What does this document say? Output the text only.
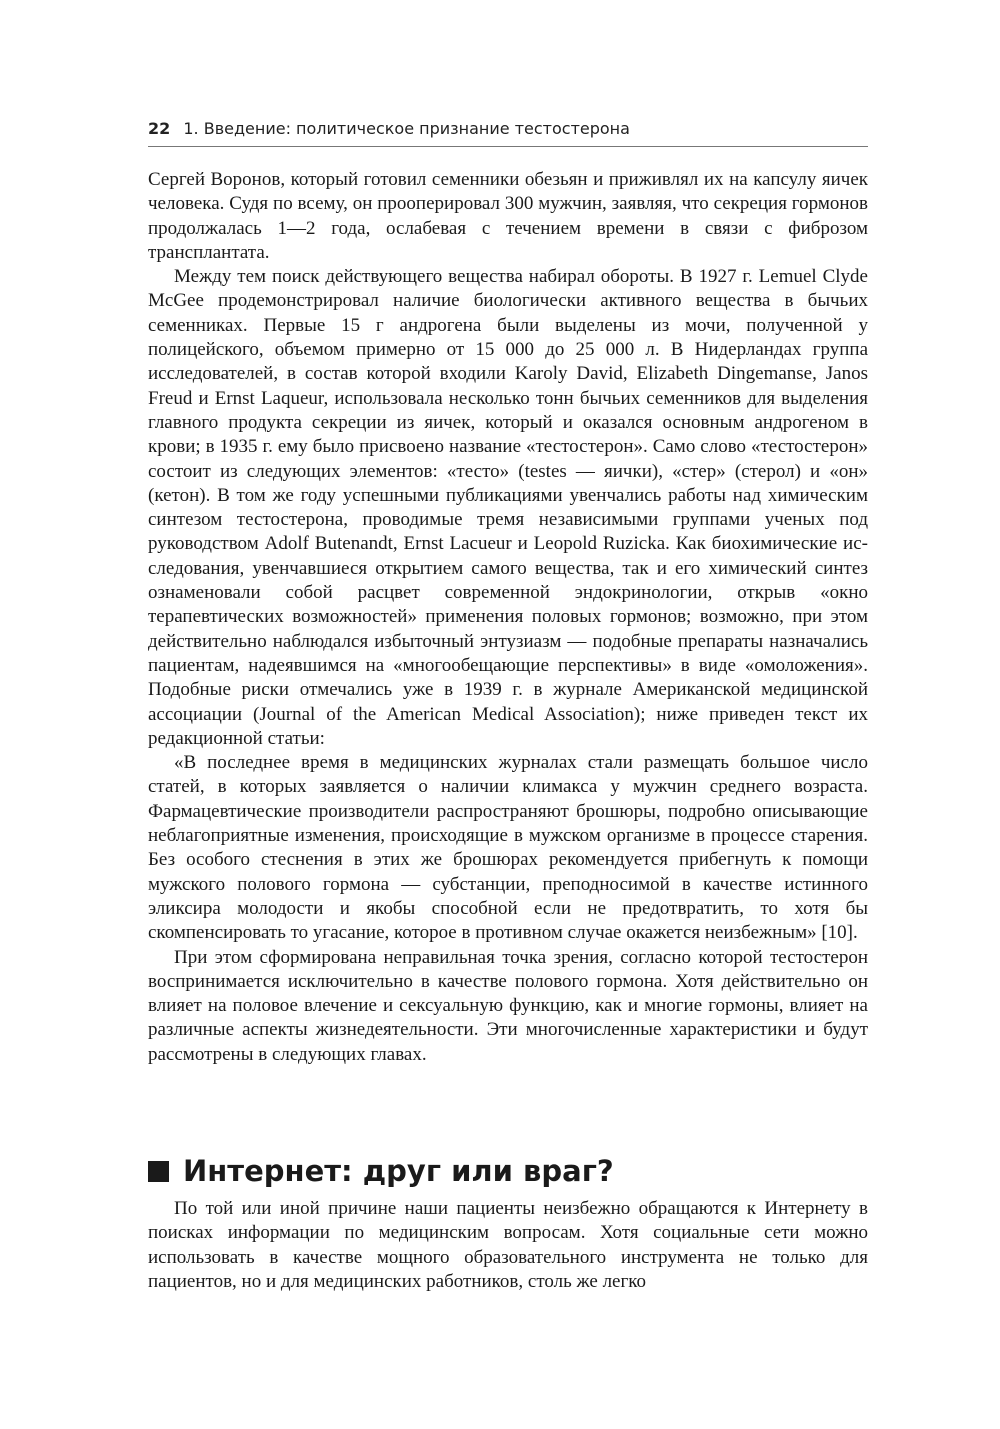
22 1. Введение: политическое признание тестостерона

Сергей Воронов, который готовил семенники обезьян и приживлял их на капсулу яичек человека. Судя по всему, он прооперировал 300 мужчин, заявляя, что секреция гормонов продолжалась 1—2 года, ослабевая с течением времени в связи с фиброзом трансплантата.

Между тем поиск действующего вещества набирал обороты. В 1927 г. Lemuel Clyde McGee продемонстрировал наличие биологически активного вещества в бычьих семенниках. Первые 15 г андрогена были выделены из мочи, полученной у полицейского, объемом примерно от 15 000 до 25 000 л. В Нидерландах группа исследователей, в состав которой входили Karoly David, Elizabeth Dingemanse, Janos Freud и Ernst Laqueur, использовала несколько тонн бычьих семенников для выделения главного продукта секреции из яичек, который и оказался основным андрогеном в крови; в 1935 г. ему было присвоено название «тестостерон». Само слово «тестостерон» состоит из следующих элементов: «тесто» (testes — яички), «стер» (стерол) и «он» (кетон). В том же году успешными публикациями увенчались работы над химическим синтезом тестостерона, проводимые тремя независимыми группами ученых под руководством Adolf Butenandt, Ernst Lacueur и Leopold Ruzicka. Как биохимические исследования, увенчавшиеся открытием самого вещества, так и его химический синтез ознаменовали собой расцвет современной эндокринологии, открыв «окно терапевтических возможностей» применения половых гормонов; возможно, при этом действительно наблюдался избыточный энтузиазм — подобные препараты назначались пациентам, надеявшимся на «многообещающие перспективы» в виде «омоложения». Подобные риски отмечались уже в 1939 г. в журнале Американской медицинской ассоциации (Journal of the American Medical Association); ниже приведен текст их редакционной статьи:

«В последнее время в медицинских журналах стали размещать большое число статей, в которых заявляется о наличии климакса у мужчин среднего возраста. Фармацевтические производители распространяют брошюры, подробно описывающие неблагоприятные изменения, происходящие в мужском организме в процессе старения. Без особого стеснения в этих же брошюрах рекомендуется прибегнуть к помощи мужского полового гормона — субстанции, преподносимой в качестве истинного эликсира молодости и якобы способной если не предотвратить, то хотя бы скомпенсировать то угасание, которое в противном случае окажется неизбежным» [10].

При этом сформирована неправильная точка зрения, согласно которой тестостерон воспринимается исключительно в качестве полового гормона. Хотя действительно он влияет на половое влечение и сексуальную функцию, как и многие гормоны, влияет на различные аспекты жизнедеятельности. Эти многочисленные характеристики и будут рассмотрены в следующих главах.

Интернет: друг или враг?

По той или иной причине наши пациенты неизбежно обращаются к Интернету в поисках информации по медицинским вопросам. Хотя социальные сети можно использовать в качестве мощного образовательного инструмента не только для пациентов, но и для медицинских работников, столь же легко
